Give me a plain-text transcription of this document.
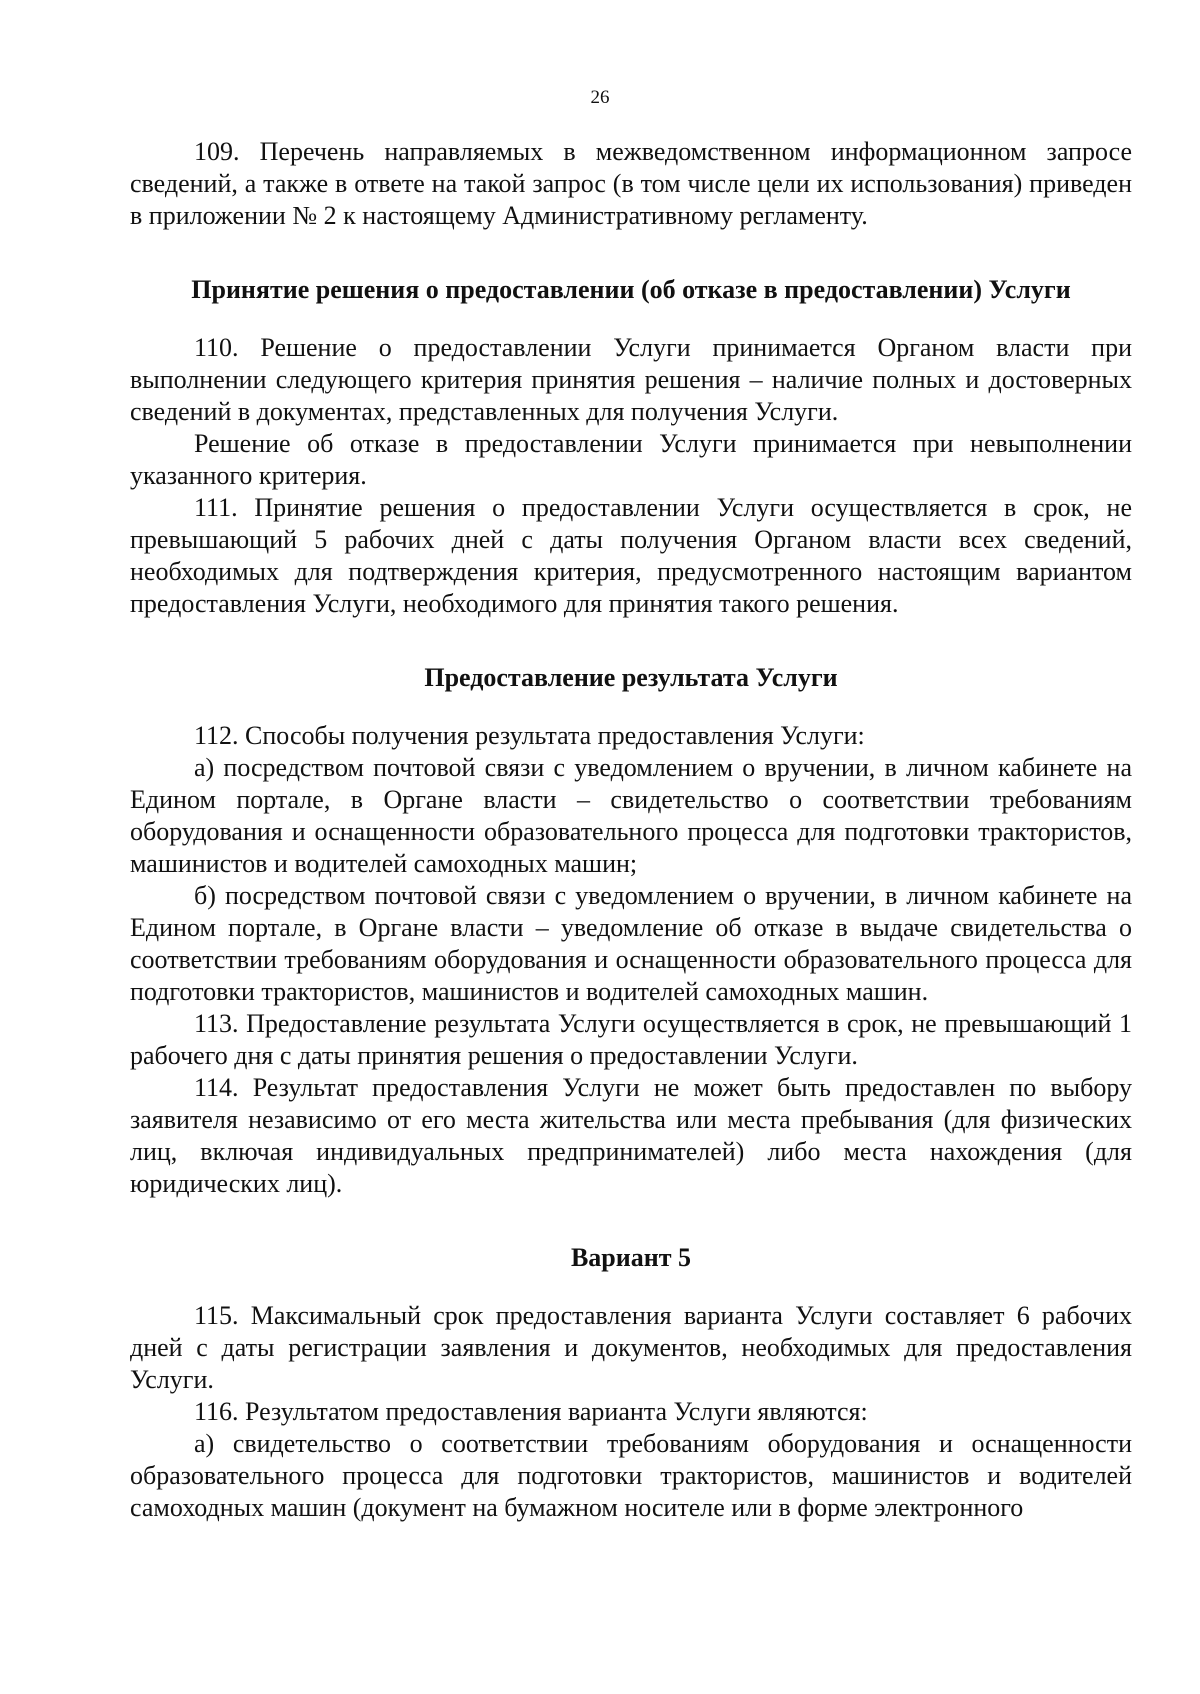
26

109. Перечень направляемых в межведомственном информационном запросе сведений, а также в ответе на такой запрос (в том числе цели их использования) приведен в приложении № 2 к настоящему Административному регламенту.

Принятие решения о предоставлении (об отказе в предоставлении) Услуги

110. Решение о предоставлении Услуги принимается Органом власти при выполнении следующего критерия принятия решения – наличие полных и достоверных сведений в документах, представленных для получения Услуги.

Решение об отказе в предоставлении Услуги принимается при невыполнении указанного критерия.

111. Принятие решения о предоставлении Услуги осуществляется в срок, не превышающий 5 рабочих дней с даты получения Органом власти всех сведений, необходимых для подтверждения критерия, предусмотренного настоящим вариантом предоставления Услуги, необходимого для принятия такого решения.

Предоставление результата Услуги

112. Способы получения результата предоставления Услуги:

а) посредством почтовой связи с уведомлением о вручении, в личном кабинете на Едином портале, в Органе власти – свидетельство о соответствии требованиям оборудования и оснащенности образовательного процесса для подготовки трактористов, машинистов и водителей самоходных машин;

б) посредством почтовой связи с уведомлением о вручении, в личном кабинете на Едином портале, в Органе власти – уведомление об отказе в выдаче свидетельства о соответствии требованиям оборудования и оснащенности образовательного процесса для подготовки трактористов, машинистов и водителей самоходных машин.

113. Предоставление результата Услуги осуществляется в срок, не превышающий 1 рабочего дня с даты принятия решения о предоставлении Услуги.

114. Результат предоставления Услуги не может быть предоставлен по выбору заявителя независимо от его места жительства или места пребывания (для физических лиц, включая индивидуальных предпринимателей) либо места нахождения (для юридических лиц).

Вариант 5

115. Максимальный срок предоставления варианта Услуги составляет 6 рабочих дней с даты регистрации заявления и документов, необходимых для предоставления Услуги.

116. Результатом предоставления варианта Услуги являются:

а) свидетельство о соответствии требованиям оборудования и оснащенности образовательного процесса для подготовки трактористов, машинистов и водителей самоходных машин (документ на бумажном носителе или в форме электронного
